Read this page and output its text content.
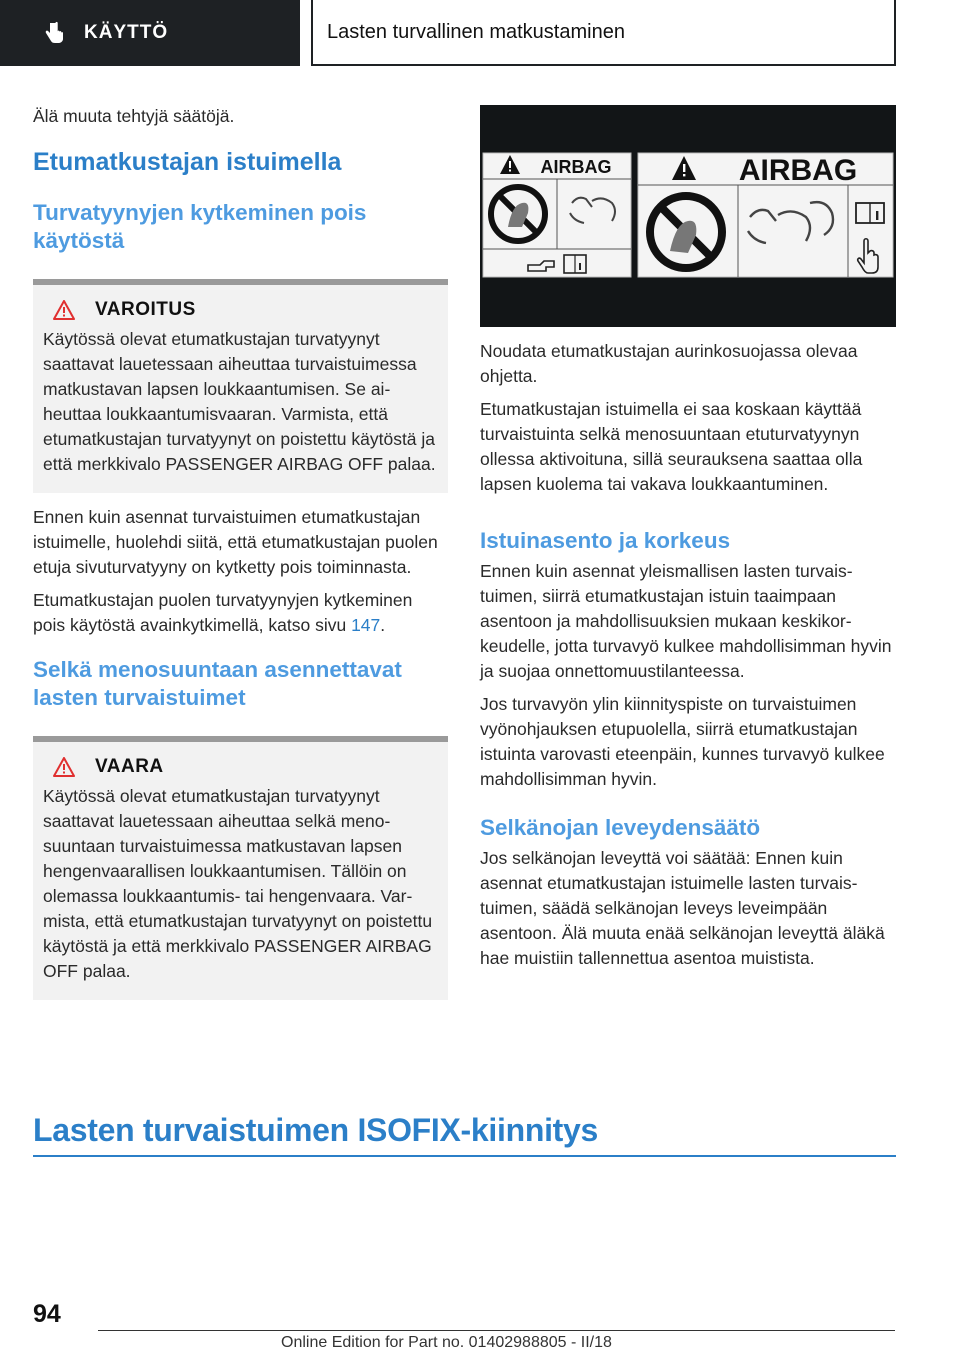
KÄYTTÖ	Lasten turvallinen matkustaminen

Älä muuta tehtyjä säätöjä.

Etumatkustajan istuimella
Turvatyynyjen kytkeminen pois käytöstä
VAROITUS

Käytössä olevat etumatkustajan turvatyynyt saattavat lauetessaan aiheuttaa turvaistuimessa matkustavan lapsen loukkaantumisen. Se aiheuttaa loukkaantumisvaaran. Varmista, että etumatkustajan turvatyynyt on poistettu käytöstä ja että merkkivalo PASSENGER AIRBAG OFF palaa.

Ennen kuin asennat turvaistuimen etumatkustajan istuimelle, huolehdi siitä, että etumatkustajan puolen etuja sivuturvatyyny on kytketty pois toiminnasta.

Etumatkustajan puolen turvatyynyjen kytkeminen pois käytöstä avainkytkimellä, katso sivu 147.

Selkä menosuuntaan asennettavat lasten turvaistuimet
VAARA

Käytössä olevat etumatkustajan turvatyynyt saattavat lauetessaan aiheuttaa selkä menosuuntaan turvaistuimessa matkustavan lapsen hengenvaarallisen loukkaantumisen. Tällöin on olemassa loukkaantumis- tai hengenvaara. Varmista, että etumatkustajan turvatyynyt on poistettu käytöstä ja että merkkivalo PASSENGER AIRBAG OFF palaa.

AIRBAG	AIRBAG

Noudata etumatkustajan aurinkosuojassa olevaa ohjetta.

Etumatkustajan istuimella ei saa koskaan käyttää turvaistuinta selkä menosuuntaan etuturvatyynyn ollessa aktivoituna, sillä seurauksena saattaa olla lapsen kuolema tai vakava loukkaantuminen.

Istuinasento ja korkeus

Ennen kuin asennat yleismallisen lasten turvaistuimen, siirrä etumatkustajan istuin taaimpaan asentoon ja mahdollisuuksien mukaan keskikorkeudelle, jotta turvavyö kulkee mahdollisimman hyvin ja suojaa onnettomuustilanteessa.

Jos turvavyön ylin kiinnityspiste on turvaistuimen vyönohjauksen etupuolella, siirrä etumatkustajan istuinta varovasti eteenpäin, kunnes turvavyö kulkee mahdollisimman hyvin.

Selkänojan leveydensäätö

Jos selkänojan leveyttä voi säätää: Ennen kuin asennat etumatkustajan istuimelle lasten turvaistuimen, säädä selkänojan leveys leveimpään asentoon. Älä muuta enää selkänojan leveyttä äläkä hae muistiin tallennettua asentoa muistista.

Lasten turvaistuimen ISOFIX-kiinnitys
94
Online Edition for Part no. 01402988805 - II/18
